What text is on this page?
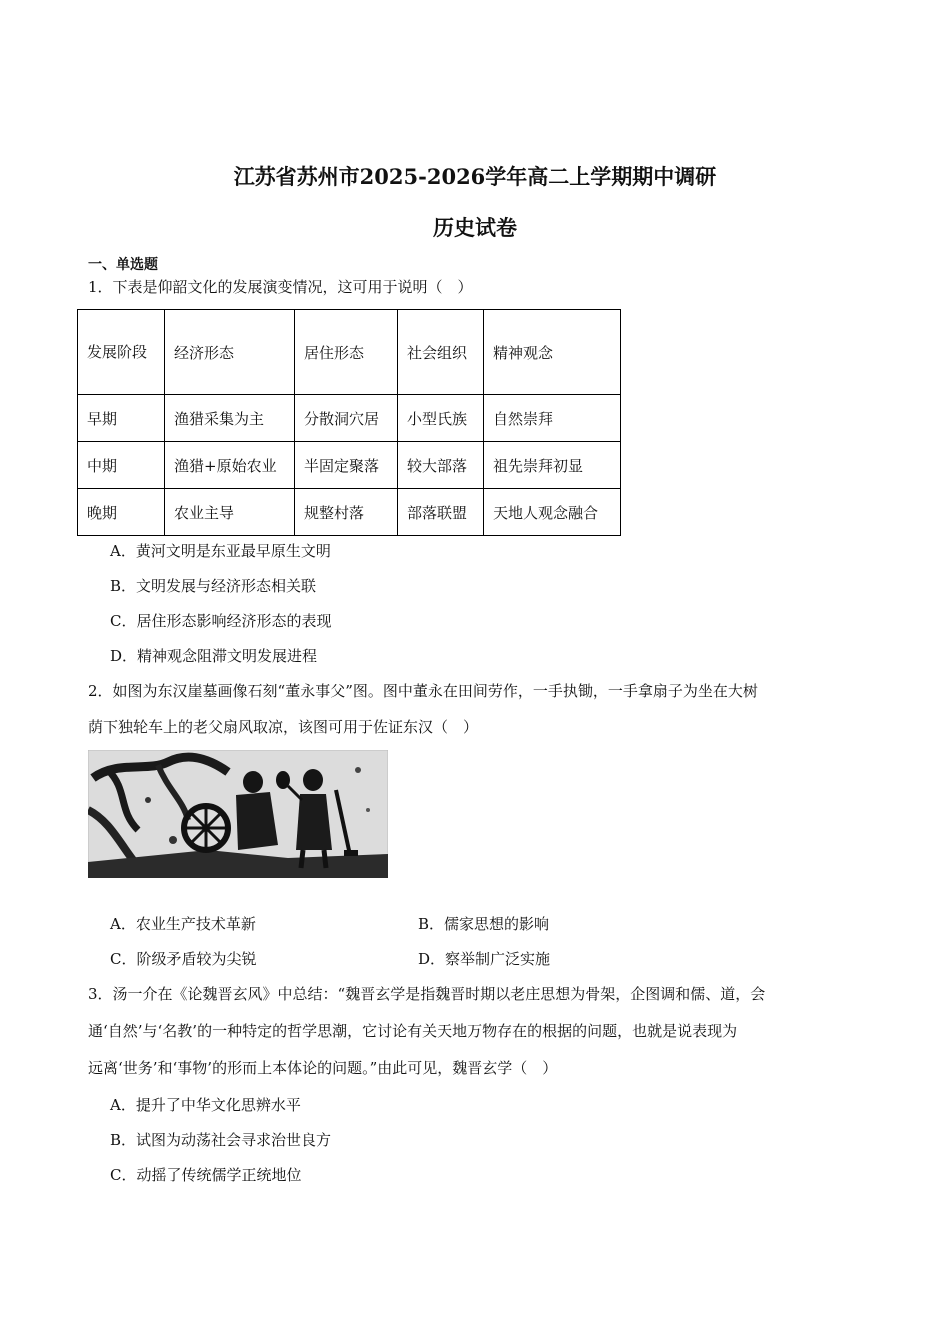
江苏省苏州市2025-2026学年高二上学期期中调研
历史试卷
一、单选题
1．下表是仰韶文化的发展演变情况，这可用于说明（　）
发展阶段	经济形态	居住形态	社会组织	精神观念
早期	渔猎采集为主	分散洞穴居	小型氏族	自然崇拜
中期	渔猎+原始农业	半固定聚落	较大部落	祖先崇拜初显
晚期	农业主导	规整村落	部落联盟	天地人观念融合
A．黄河文明是东亚最早原生文明
B．文明发展与经济形态相关联
C．居住形态影响经济形态的表现
D．精神观念阻滞文明发展进程
2．如图为东汉崖墓画像石刻“董永事父”图。图中董永在田间劳作，一手执锄，一手拿扇子为坐在大树
荫下独轮车上的老父扇风取凉，该图可用于佐证东汉（　）
A．农业生产技术革新	B．儒家思想的影响
C．阶级矛盾较为尖锐	D．察举制广泛实施
3．汤一介在《论魏晋玄风》中总结：“魏晋玄学是指魏晋时期以老庄思想为骨架，企图调和儒、道，会
通‘自然’与‘名教’的一种特定的哲学思潮，它讨论有关天地万物存在的根据的问题，也就是说表现为
远离‘世务’和‘事物’的形而上本体论的问题。”由此可见，魏晋玄学（　）
A．提升了中华文化思辨水平
B．试图为动荡社会寻求治世良方
C．动摇了传统儒学正统地位
